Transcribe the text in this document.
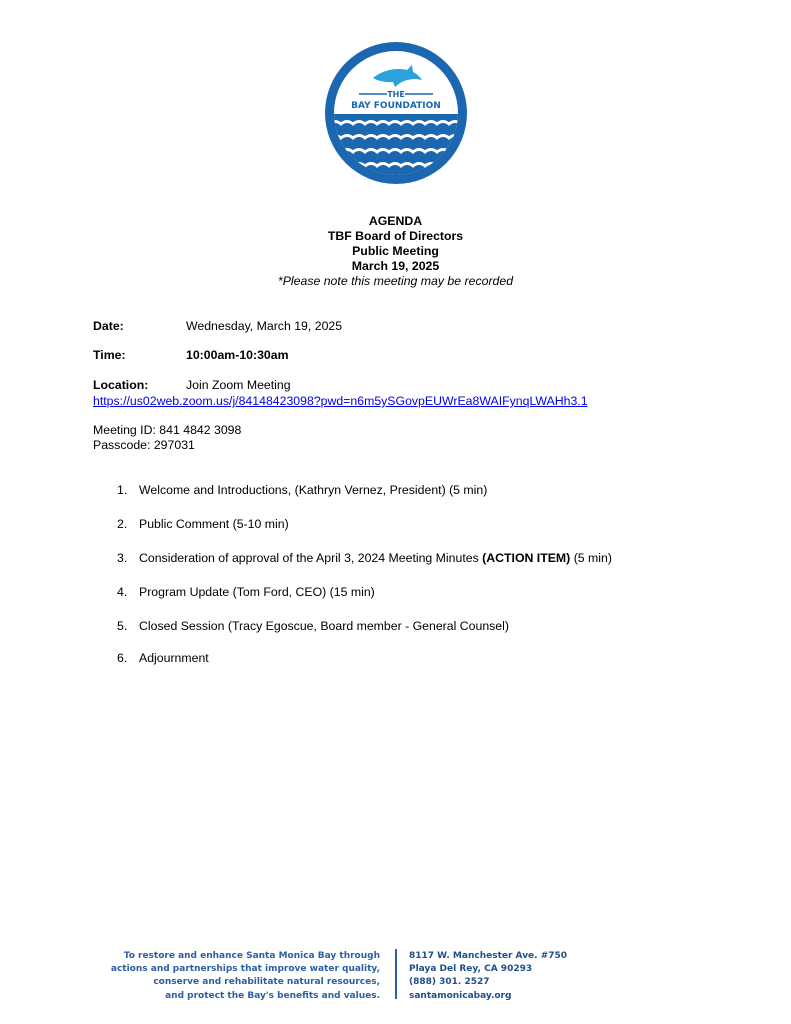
THE
BAY FOUNDATION
AGENDA
TBF Board of Directors
Public Meeting
March 19, 2025
*Please note this meeting may be recorded
Date:	Wednesday, March 19, 2025
Time:	10:00am-10:30am
Location:	Join Zoom Meeting
https://us02web.zoom.us/j/84148423098?pwd=n6m5ySGovpEUWrEa8WAIFynqLWAHh3.1
Meeting ID: 841 4842 3098
Passcode: 297031
1. Welcome and Introductions, (Kathryn Vernez, President) (5 min)
2. Public Comment (5-10 min)
3. Consideration of approval of the April 3, 2024 Meeting Minutes (ACTION ITEM) (5 min)
4. Program Update (Tom Ford, CEO) (15 min)
5. Closed Session (Tracy Egoscue, Board member - General Counsel)
6. Adjournment
To restore and enhance Santa Monica Bay through
actions and partnerships that improve water quality,
conserve and rehabilitate natural resources,
and protect the Bay's benefits and values.
8117 W. Manchester Ave. #750
Playa Del Rey, CA 90293
(888) 301. 2527
santamonicabay.org
